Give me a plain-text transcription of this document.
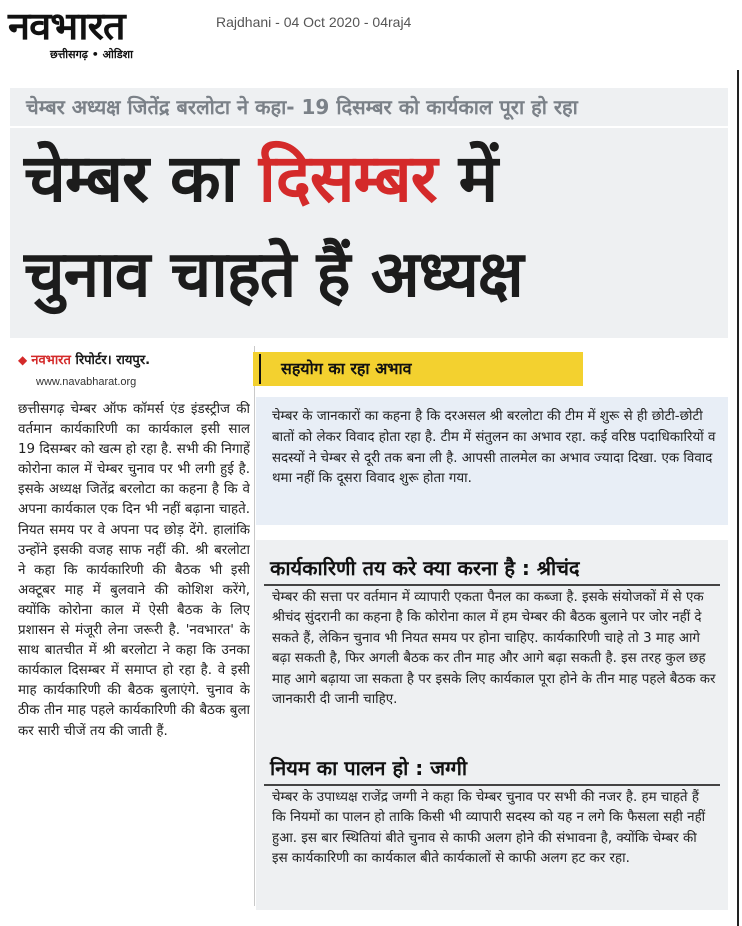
नवभारत
छत्तीसगढ़ • ओडिशा
Rajdhani - 04 Oct 2020 - 04raj4
चेम्बर अध्यक्ष जितेंद्र बरलोटा ने कहा- 19 दिसम्बर को कार्यकाल पूरा हो रहा
चेम्बर का दिसम्बर में
चुनाव चाहते हैं अध्यक्ष
◆ नवभारत रिपोर्टर। रायपुर.
www.navabharat.org
छत्तीसगढ़ चेम्बर ऑफ कॉमर्स एंड इंडस्ट्रीज की वर्तमान कार्यकारिणी का कार्यकाल इसी साल 19 दिसम्बर को खत्म हो रहा है. सभी की निगाहें कोरोना काल में चेम्बर चुनाव पर भी लगी हुई है. इसके अध्यक्ष जितेंद्र बरलोटा का कहना है कि वे अपना कार्यकाल एक दिन भी नहीं बढ़ाना चाहते. नियत समय पर वे अपना पद छोड़ देंगे. हालांकि उन्होंने इसकी वजह साफ नहीं की. श्री बरलोटा ने कहा कि कार्यकारिणी की बैठक भी इसी अक्टूबर माह में बुलवाने की कोशिश करेंगे, क्योंकि कोरोना काल में ऐसी बैठक के लिए प्रशासन से मंजूरी लेना जरूरी है. 'नवभारत' के साथ बातचीत में श्री बरलोटा ने कहा कि उनका कार्यकाल दिसम्बर में समाप्त हो रहा है. वे इसी माह कार्यकारिणी की बैठक बुलाएंगे. चुनाव के ठीक तीन माह पहले कार्यकारिणी की बैठक बुला कर सारी चीजें तय की जाती हैं.
सहयोग का रहा अभाव
चेम्बर के जानकारों का कहना है कि दरअसल श्री बरलोटा की टीम में शुरू से ही छोटी-छोटी बातों को लेकर विवाद होता रहा है. टीम में संतुलन का अभाव रहा. कई वरिष्ठ पदाधिकारियों व सदस्यों ने चेम्बर से दूरी तक बना ली है. आपसी तालमेल का अभाव ज्यादा दिखा. एक विवाद थमा नहीं कि दूसरा विवाद शुरू होता गया.
कार्यकारिणी तय करे क्या करना है : श्रीचंद
चेम्बर की सत्ता पर वर्तमान में व्यापारी एकता पैनल का कब्जा है. इसके संयोजकों में से एक श्रीचंद सुंदरानी का कहना है कि कोरोना काल में हम चेम्बर की बैठक बुलाने पर जोर नहीं दे सकते हैं, लेकिन चुनाव भी नियत समय पर होना चाहिए. कार्यकारिणी चाहे तो 3 माह आगे बढ़ा सकती है, फिर अगली बैठक कर तीन माह और आगे बढ़ा सकती है. इस तरह कुल छह माह आगे बढ़ाया जा सकता है पर इसके लिए कार्यकाल पूरा होने के तीन माह पहले बैठक कर जानकारी दी जानी चाहिए.
नियम का पालन हो : जग्गी
चेम्बर के उपाध्यक्ष राजेंद्र जग्गी ने कहा कि चेम्बर चुनाव पर सभी की नजर है. हम चाहते हैं कि नियमों का पालन हो ताकि किसी भी व्यापारी सदस्य को यह न लगे कि फैसला सही नहीं हुआ. इस बार स्थितियां बीते चुनाव से काफी अलग होने की संभावना है, क्योंकि चेम्बर की इस कार्यकारिणी का कार्यकाल बीते कार्यकालों से काफी अलग हट कर रहा.
